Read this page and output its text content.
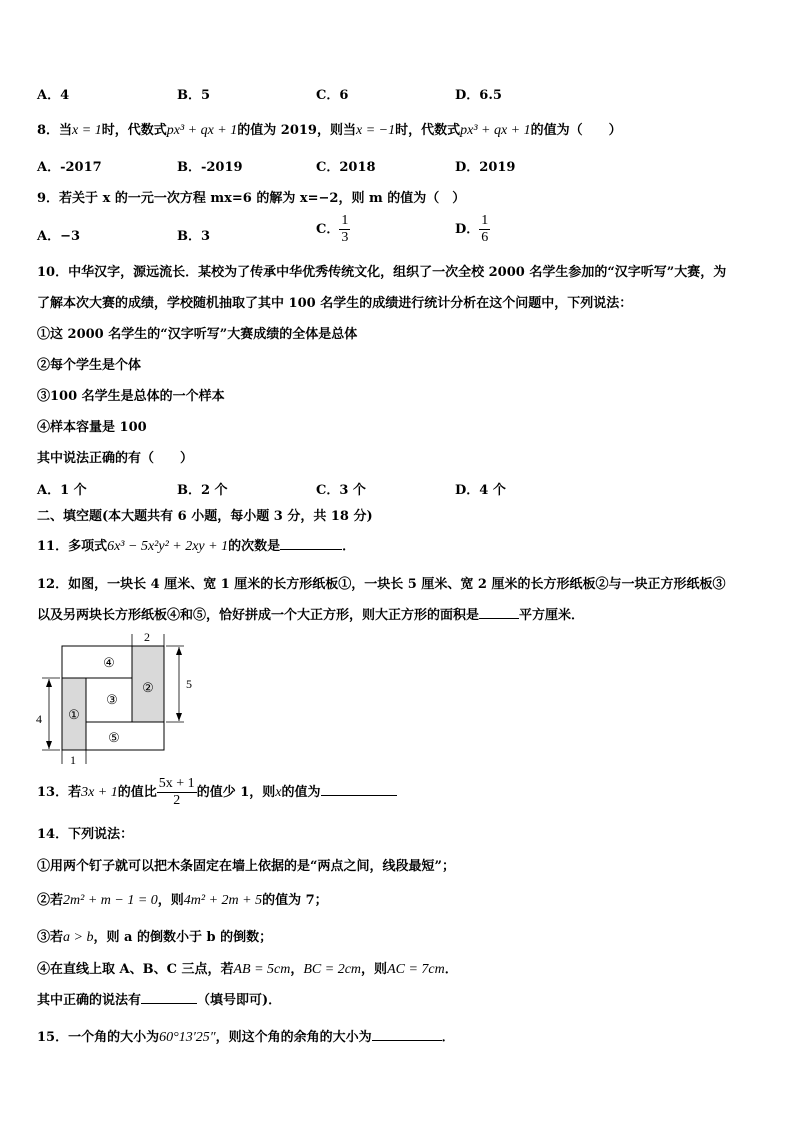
A．4	B．5	C．6	D．6.5
8．当x = 1时，代数式px³ + qx + 1的值为 2019，则当x = −1时，代数式px³ + qx + 1的值为（　　）
A．-2017	B．-2019	C．2018	D．2019
9．若关于 x 的一元一次方程 mx=6 的解为 x=−2，则 m 的值为（　）
A．−3	B．3	C． $\frac{1}{3}$	D． $\frac{1}{6}$
10．中华汉字，源远流长．某校为了传承中华优秀传统文化，组织了一次全校 2000 名学生参加的“汉字听写”大赛，为
了解本次大赛的成绩，学校随机抽取了其中 100 名学生的成绩进行统计分析在这个问题中，下列说法：
①这 2000 名学生的“汉字听写”大赛成绩的全体是总体
②每个学生是个体
③100 名学生是总体的一个样本
④样本容量是 100
其中说法正确的有（　　）
A．1 个	B．2 个	C．3 个	D．4 个
二、填空题(本大题共有 6 小题，每小题 3 分，共 18 分)
11．多项式6x³ − 5x²y² + 2xy + 1的次数是	．
12．如图，一块长 4 厘米、宽 1 厘米的长方形纸板①，一块长 5 厘米、宽 2 厘米的长方形纸板②与一块正方形纸板③
以及另两块长方形纸板④和⑤，恰好拼成一个大正方形，则大正方形的面积是	平方厘米．
④
③
②
①
⑤
2
5
4
1
13．若3x + 1的值比 $\frac{5x + 1}{2}$ 的值少 1，则x的值为
14．下列说法：
①用两个钉子就可以把木条固定在墙上依据的是“两点之间，线段最短”；
②若2m² + m − 1 = 0，则4m² + 2m + 5的值为 7；
③若a > b，则 a 的倒数小于 b 的倒数；
④在直线上取 A、B、C 三点，若AB = 5cm，BC = 2cm，则AC = 7cm．
其中正确的说法有	（填号即可)．
15．一个角的大小为60°13′25″，则这个角的余角的大小为	．
